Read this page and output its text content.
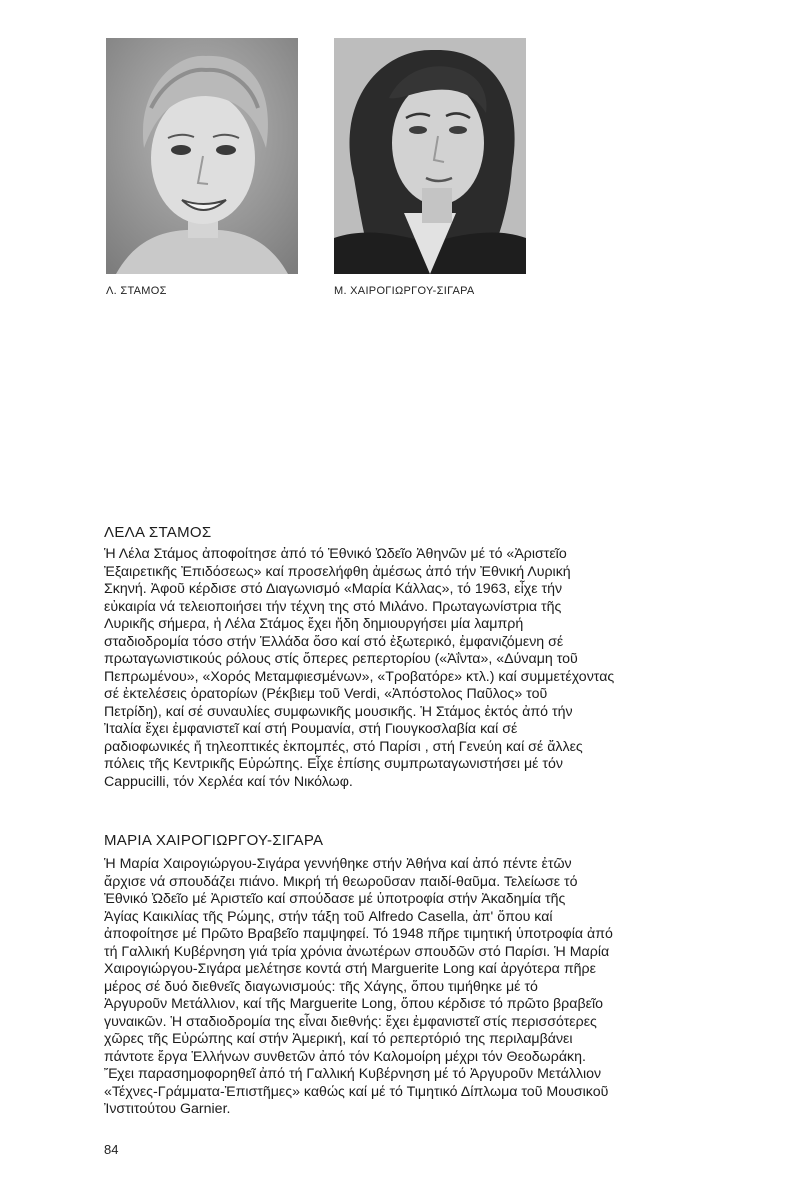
Λ. ΣΤΑΜΟΣ	Μ. ΧΑΙΡΟΓΙΩΡΓΟΥ-ΣΙΓΑΡΑ
ΛΕΛΑ ΣΤΑΜΟΣ
Ἡ Λέλα Στάμος ἀποφοίτησε ἀπό τό Ἐθνικό Ὠδεῖο Ἀθηνῶν μέ τό «Ἀριστεῖο
Ἐξαιρετικῆς Ἐπιδόσεως» καί προσελήφθη ἀμέσως ἀπό τήν Ἐθνική Λυρική
Σκηνή. Ἀφοῦ κέρδισε στό Διαγωνισμό «Μαρία Κάλλας», τό 1963, εἶχε τήν
εὐκαιρία νά τελειοποιήσει τήν τέχνη της στό Μιλάνο. Πρωταγωνίστρια τῆς
Λυρικῆς σήμερα, ἡ Λέλα Στάμος ἔχει ἤδη δημιουργήσει μία λαμπρή
σταδιοδρομία τόσο στήν Ἑλλάδα ὅσο καί στό ἐξωτερικό, ἐμφανιζόμενη σέ
πρωταγωνιστικούς ρόλους στίς ὄπερες ρεπερτορίου («Ἀΐντα», «Δύναμη τοῦ
Πεπρωμένου», «Χορός Μεταμφιεσμένων», «Τροβατόρε» κτλ.) καί συμμετέχοντας
σέ ἐκτελέσεις ὀρατορίων (Ρέκβιεμ τοῦ Verdi, «Ἀπόστολος Παῦλος» τοῦ
Πετρίδη), καί σέ συναυλίες συμφωνικῆς μουσικῆς. Ἡ Στάμος ἐκτός ἀπό τήν
Ἰταλία ἔχει ἐμφανιστεῖ καί στή Ρουμανία, στή Γιουγκοσλαβία καί σέ
ραδιοφωνικές ἤ τηλεοπτικές ἐκπομπές, στό Παρίσι , στή Γενεύη καί σέ ἄλλες
πόλεις τῆς Κεντρικῆς Εὐρώπης. Εἶχε ἐπίσης συμπρωταγωνιστήσει μέ τόν
Cappucilli, τόν Χερλέα καί τόν Νικόλωφ.
ΜΑΡΙΑ ΧΑΙΡΟΓΙΩΡΓΟΥ-ΣΙΓΑΡΑ
Ἡ Μαρία Χαιρογιώργου-Σιγάρα γεννήθηκε στήν Ἀθήνα καί ἀπό πέντε ἐτῶν
ἄρχισε νά σπουδάζει πιάνο. Μικρή τή θεωροῦσαν παιδί-θαῦμα. Τελείωσε τό
Ἐθνικό Ὠδεῖο μέ Ἀριστεῖο καί σπούδασε μέ ὑποτροφία στήν Ἀκαδημία τῆς
Ἁγίας Καικιλίας τῆς Ρώμης, στήν τάξη τοῦ Alfredo Casella, ἀπ' ὅπου καί
ἀποφοίτησε μέ Πρῶτο Βραβεῖο παμψηφεί. Τό 1948 πῆρε τιμητική ὑποτροφία ἀπό
τή Γαλλική Κυβέρνηση γιά τρία χρόνια ἀνωτέρων σπουδῶν στό Παρίσι. Ἡ Μαρία
Χαιρογιώργου-Σιγάρα μελέτησε κοντά στή Marguerite Long καί ἀργότερα πῆρε
μέρος σέ δυό διεθνεῖς διαγωνισμούς: τῆς Χάγης, ὅπου τιμήθηκε μέ τό
Ἀργυροῦν Μετάλλιον, καί τῆς Marguerite Long, ὅπου κέρδισε τό πρῶτο βραβεῖο
γυναικῶν. Ἡ σταδιοδρομία της εἶναι διεθνής: ἔχει ἐμφανιστεῖ στίς περισσότερες
χῶρες τῆς Εὐρώπης καί στήν Ἀμερική, καί τό ρεπερτόριό της περιλαμβάνει
πάντοτε ἔργα Ἑλλήνων συνθετῶν ἀπό τόν Καλομοίρη μέχρι τόν Θεοδωράκη.
Ἔχει παρασημοφορηθεῖ ἀπό τή Γαλλική Κυβέρνηση μέ τό Ἀργυροῦν Μετάλλιον
«Τέχνες-Γράμματα-Ἐπιστῆμες» καθώς καί μέ τό Τιμητικό Δίπλωμα τοῦ Μουσικοῦ
Ἰνστιτούτου Garnier.
84
